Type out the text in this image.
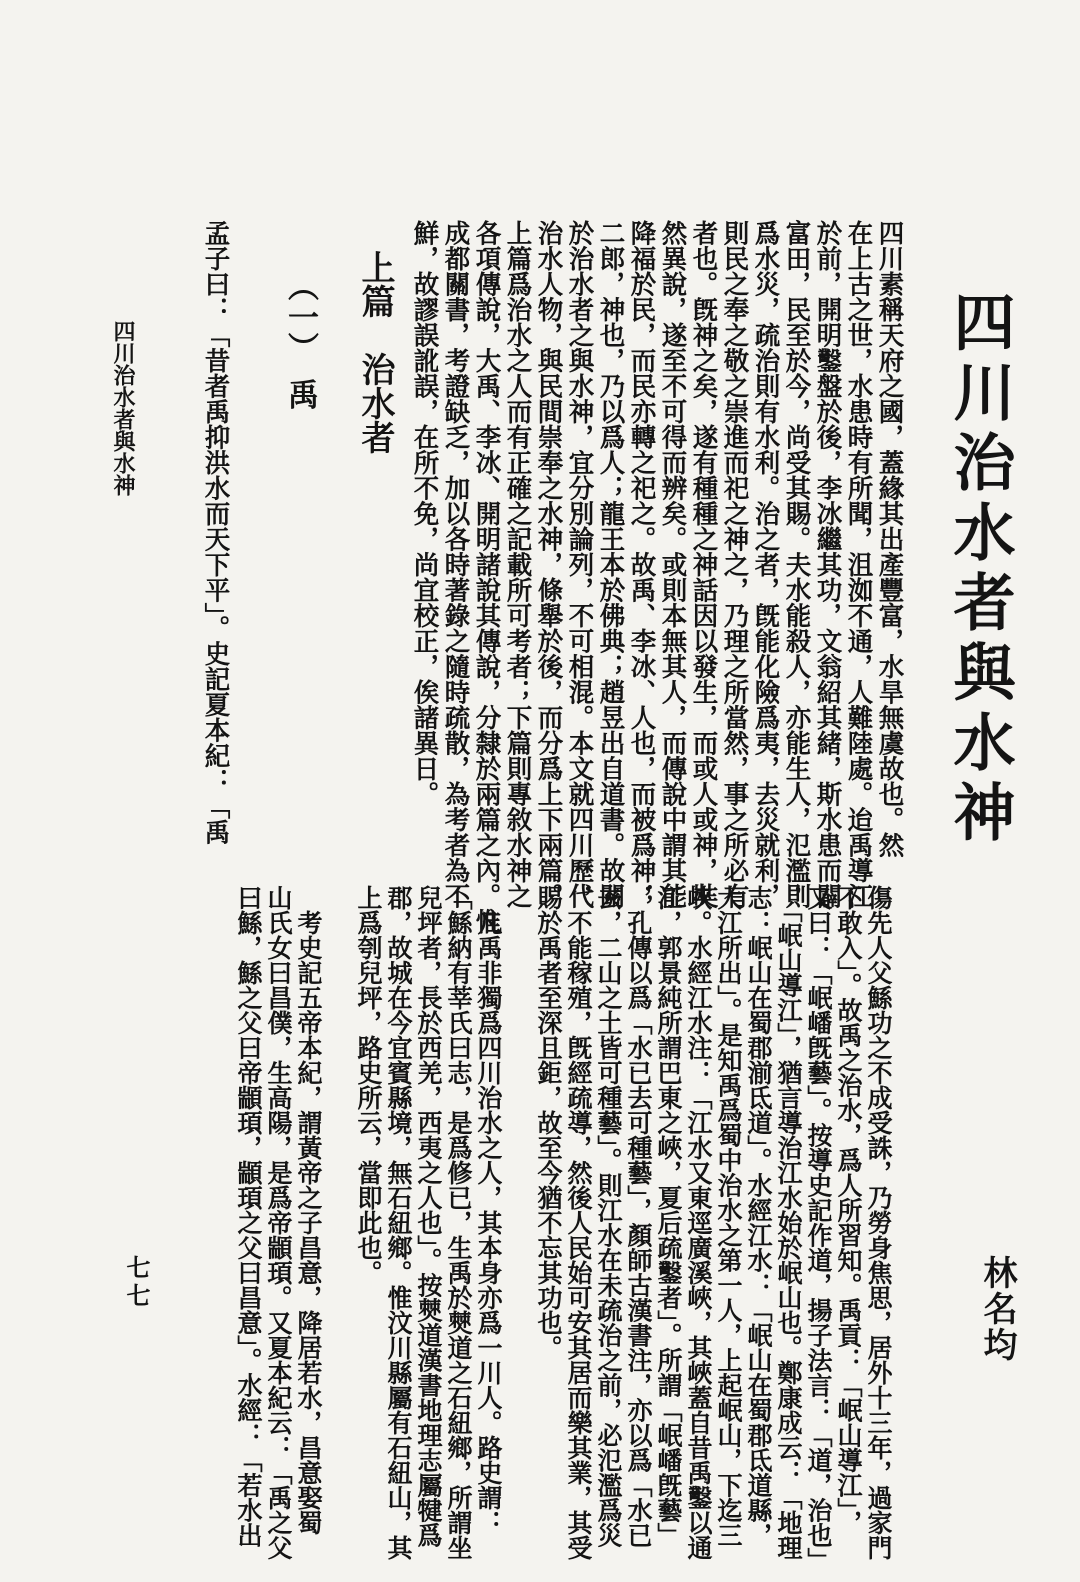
四川治水者與水神
林名均
四川素稱天府之國，蓋緣其出產豐富，水旱無虞故也。然
在上古之世，水患時有所聞，沮洳不通，人難陸處。迨禹導江
於前，開明鑿盤於後，李冰繼其功，文翁紹其緒，斯水患而闢
富田，民至於今，尚受其賜。夫水能殺人，亦能生人，氾濫則
爲水災，疏治則有水利。治之者，旣能化險爲夷，去災就利，
則民之奉之敬之崇進而祀之神之，乃理之所當然，事之所必有
者也。旣神之矣，遂有種種之神話因以發生，而或人或神，奘
然異說，遂至不可得而辨矣。或則本無其人，而傳說中謂其能
降福於民，而民亦轉之祀之。故禹、李冰、人也，而被爲神；
二郎，神也，乃以爲人；龍王本於佛典；趙昱出自道書。故關
於治水者之與水神，宜分別論列，不可相混。本文就四川歷代
治水人物，與民間崇奉之水神，條舉於後，而分爲上下兩篇。
上篇爲治水之人而有正確之記載所可考者；下篇則專敘水神之
各項傳說，大禹、李冰、開明諸說其傳說，分隸於兩篇之內。惟
成都關書，考證缺乏，加以各時著錄之隨時疏散，為考者為不
鮮，故謬誤訛誤，在所不免，尚宜校正，俟諸異日。
上篇　治水者
（一）　禹
孟子曰：「昔者禹抑洪水而天下平」。史記夏本紀：「禹
四川治水者與水神
傷先人父鯀功之不成受誅，乃勞身焦思，居外十三年，過家門
不敢入」。故禹之治水，爲人所習知。禹貢：「岷山導江」，
又曰：「岷嶓旣藝」。按導史記作道，揚子法言：「道，治也」
，「岷山導江」，猶言導治江水始於岷山也。鄭康成云：「地理
志：岷山在蜀郡湔氐道」。水經江水：「岷山在蜀郡氐道縣，
大江所出」。是知禹爲蜀中治水之第一人，上起岷山，下迄三
峽。水經江水注：「江水又東逕廣溪峽，其峽蓋自昔禹鑿以通
江，郭景純所謂巴東之峽，夏后疏鑿者」。所謂「岷嶓旣藝」
，孔傳以爲「水已去可種藝」，顏師古漢書注，亦以爲「水已
去，二山之土皆可種藝」。則江水在未疏治之前，必氾濫爲災
，不能稼殖，旣經疏導，然後人民始可安其居而樂其業，其受
賜於禹者至深且鉅，故至今猶不忘其功也。
　凡禹非獨爲四川治水之人，其本身亦爲一川人。路史謂：
「鯀納有莘氏曰志，是爲修已，生禹於僰道之石紐鄉，所謂坐
兒坪者，長於西羌，西夷之人也」。按僰道漢書地理志屬犍爲
郡，故城在今宜賓縣境，無石紐鄉。惟汶川縣屬有石紐山，其
上爲刳兒坪，路史所云，當即此也。
　考史記五帝本紀，謂黃帝之子昌意，降居若水，昌意娶蜀
山氏女曰昌僕，生高陽，是爲帝顓頊。又夏本紀云：「禹之父
曰鯀，鯀之父曰帝顓頊，顓頊之父曰昌意」。水經：「若水出
七七
